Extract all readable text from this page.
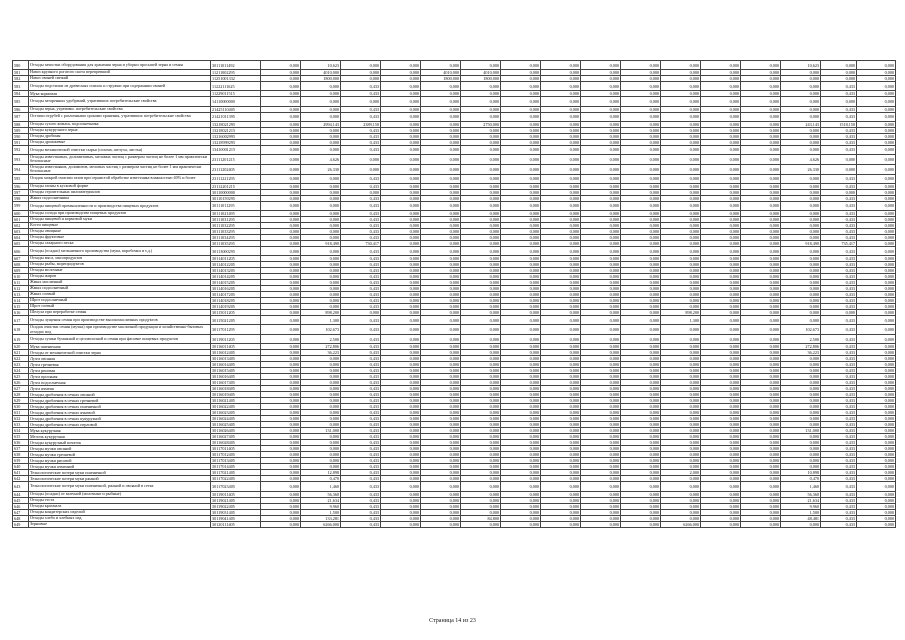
580	Отходы зачистки оборудования для хранения зерна и уборки просыпей зерна и семян	30111011492	0,000	10,623	0,000	0,000	0,000	0,000	0,000	0,000	0,000	0,000	0,000	0,000	0,000	10,623	0,000	0,000
581	Навоз крупного рогатого скота перепревший	11211002295	0,000	4010,000	0,000	0,000	4010,000	4010,000	0,000	0,000	0,000	0,000	0,000	0,000	0,000	0,000	0,000	0,000
582	Навоз свиней свежий	11251001332	0,000	1800,000	0,000	0,000	1800,000	1800,000	0,000	0,000	0,000	0,000	0,000	0,000	0,000	0,000	0,000	0,000
583	Отходы подстилки из древесных опилок и стружки при содержании свиней	11222111625	0,000	0,000	0,433	0,000	0,000	0,000	0,000	0,000	0,000	0,000	0,000	0,000	0,000	0,000	0,433	0,000
584	Мука кормовая	11229011515	0,000	0,000	0,433	0,000	0,000	0,000	0,000	0,000	0,000	0,000	0,000	0,000	0,000	0,000	0,433	0,000
585	Отходы затаренных удобрений, утративших потребительские свойства	14110000000	0,000	0,000	0,000	0,000	0,000	0,000	0,000	0,000	0,000	0,000	0,000	0,000	0,000	0,000	0,000	0,000
586	Отходы зерна, утративш. потребительские свойства	21425110405	0,000	0,000	0,433	0,000	0,000	0,000	0,000	0,000	0,000	0,000	0,000	0,000	0,000	0,000	0,433	0,000
587	Остатки отрубей с различными сроками хранения, утративших потребительские свойства	21421011395	0,000	0,000	0,433	0,000	0,000	0,000	0,000	0,000	0,000	0,000	0,000	0,000	0,000	0,000	0,433	0,000
588	Отходы сухого жмыха, подсолнечника	13218021295	0,000	2994,143	2389,150	0,000	0,000	2750,000	0,000	0,000	0,000	0,000	0,000	0,000	0,000	243,143	1518,150	0,000
589	Отходы кукурузного зерна	13218021215	0,000	0,000	0,433	0,000	0,000	0,000	0,000	0,000	0,000	0,000	0,000	0,000	0,000	0,000	0,433	0,000
590	Отходы дробины	13216002995	0,000	0,000	0,433	0,000	0,000	0,000	0,000	0,000	0,000	0,000	0,000	0,000	0,000	0,000	0,433	0,000
591	Отходы дрожжевые	13218999295	0,000	0,000	0,433	0,000	0,000	0,000	0,000	0,000	0,000	0,000	0,000	0,000	0,000	0,000	0,433	0,000
592	Отходы механической очистки сырья (солома, шелуха, листья)	13410001215	0,000	0,000	0,433	0,000	0,000	0,000	0,000	0,000	0,000	0,000	0,000	0,000	0,000	0,000	0,433	0,000
593	Отходы известковых, доломитовых, меловых частиц с размером частиц не более 1 мм практически безопасные	23111201215	0,000	4,626	0,000	0,000	0,000	0,000	0,000	0,000	0,000	0,000	0,000	0,000	0,000	4,626	0,000	0,000
594	Отходы известняков, доломитов, меловых частиц с размером частиц не более 1 мм практически безопасные	23111202405	0,000	26,330	0,000	0,000	0,000	0,000	0,000	0,000	0,000	0,000	0,000	0,000	0,000	26,330	0,000	0,000
595	Осадок мокрой очистки газов при сернистой обработке известняка влажностью 40% и более	23111221295	0,000	0,000	0,433	0,000	0,000	0,000	0,000	0,000	0,000	0,000	0,000	0,000	0,000	0,000	0,433	0,000
596	Отходы глины в кусковой форме	23112201215	0,000	0,000	0,433	0,000	0,000	0,000	0,000	0,000	0,000	0,000	0,000	0,000	0,000	0,000	0,433	0,000
597	Отходы строительных пиломатериалов	30110000000	0,000	0,000	0,000	0,000	0,000	0,000	0,000	0,000	0,000	0,000	0,000	0,000	0,000	0,000	0,000	0,000
598	Жмых подсолнечника	30110159295	0,000	0,000	0,433	0,000	0,000	0,000	0,000	0,000	0,000	0,000	0,000	0,000	0,000	0,000	0,433	0,000
599	Отходы пищевой промышленности и производства пищевых продуктов	30111011295	0,000	0,000	0,433	0,000	0,000	0,000	0,000	0,000	0,000	0,000	0,000	0,000	0,000	0,000	0,433	0,000
600	Отходы солода при производстве пищевых продуктов	30111021495	0,000	0,000	0,433	0,000	0,000	0,000	0,000	0,000	0,000	0,000	0,000	0,000	0,000	0,000	0,433	0,000
601	Отходы пищевой и кормовой муки	30111031295	0,000	0,000	0,433	0,000	0,000	0,000	0,000	0,000	0,000	0,000	0,000	0,000	0,000	0,000	0,433	0,000
602	Кости пищевые	30111032295	0,000	0,000	0,433	0,000	0,000	0,000	0,000	0,000	0,000	0,000	0,000	0,000	0,000	0,000	0,433	0,000
603	Отходы овощные	30111033295	0,000	0,000	0,433	0,000	0,000	0,000	0,000	0,000	0,000	0,000	0,000	0,000	0,000	0,000	0,433	0,000
604	Отходы фруктовые	30111034295	0,000	0,000	0,433	0,000	0,000	0,000	0,000	0,000	0,000	0,000	0,000	0,000	0,000	0,000	0,433	0,000
605	Отходы сахарного песка	30111035295	0,000	918,490	730,417	0,000	0,000	0,000	0,000	0,000	0,000	0,000	0,000	0,000	0,000	918,490	735,417	0,000
606	Отходы (осадки) мельничного производства (мука, коробочки и т.д.)	30113000295	0,000	0,000	0,433	0,000	0,000	0,000	0,000	0,000	0,000	0,000	0,000	0,000	0,000	0,000	0,433	0,000
607	Отходы мяса, мясопродуктов	30114011205	0,000	0,000	0,433	0,000	0,000	0,000	0,000	0,000	0,000	0,000	0,000	0,000	0,000	0,000	0,433	0,000
608	Отходы рыбы, морепродуктов	30114012205	0,000	0,000	0,433	0,000	0,000	0,000	0,000	0,000	0,000	0,000	0,000	0,000	0,000	0,000	0,433	0,000
609	Отходы молочные	30114013205	0,000	0,000	0,433	0,000	0,000	0,000	0,000	0,000	0,000	0,000	0,000	0,000	0,000	0,000	0,433	0,000
610	Отходы жиров	30114014205	0,000	0,000	0,433	0,000	0,000	0,000	0,000	0,000	0,000	0,000	0,000	0,000	0,000	0,000	0,433	0,000
611	Жмых масличный	30114015205	0,000	0,000	0,433	0,000	0,000	0,000	0,000	0,000	0,000	0,000	0,000	0,000	0,000	0,000	0,433	0,000
612	Жмых подсолнечный	30114016205	0,000	0,000	0,433	0,000	0,000	0,000	0,000	0,000	0,000	0,000	0,000	0,000	0,000	0,000	0,433	0,000
613	Жмых соевый	30114017205	0,000	0,000	0,433	0,000	0,000	0,000	0,000	0,000	0,000	0,000	0,000	0,000	0,000	0,000	0,433	0,000
614	Шрот подсолнечный	30114018205	0,000	0,000	0,433	0,000	0,000	0,000	0,000	0,000	0,000	0,000	0,000	0,000	0,000	0,000	0,433	0,000
615	Шрот соевый	30114019205	0,000	0,000	0,433	0,000	0,000	0,000	0,000	0,000	0,000	0,000	0,000	0,000	0,000	0,000	0,433	0,000
616	Шелуха при переработке семян	30115011205	0,000	898,200	0,000	0,000	0,000	0,000	0,000	0,000	0,000	0,000	898,200	0,000	0,000	0,000	0,000	0,000
617	Отходы лущения семян при производстве высокомасличных продуктов	30115021205	0,000	1,300	0,433	0,000	0,000	0,000	0,000	0,000	0,000	0,000	1,300	0,000	0,000	0,000	0,433	0,000
618	Осадок очистки семян (мучка) при производстве масличной продукции и хозяйственно-бытовых отходах под	30117011295	0,000	102,673	0,433	0,000	0,000	0,000	0,000	0,000	0,000	0,000	0,000	0,000	0,000	102,673	0,433	0,000
619	Отходы сушки бумажной и целлюлозной и семян при фасовке пищевых продуктов	30119011205	0,000	2,500	0,433	0,000	0,000	0,000	0,000	0,000	0,000	0,000	0,000	0,000	0,000	2,500	0,433	0,000
620	Мука пшеничная	30116011405	0,000	272,806	0,433	0,000	0,000	0,000	0,000	0,000	0,000	0,000	0,000	0,000	0,000	272,806	0,433	0,000
621	Отходы от механической очистки зерна	30116012405	0,000	36,223	0,433	0,000	0,000	0,000	0,000	0,000	0,000	0,000	0,000	0,000	0,000	36,223	0,433	0,000
622	Лузга овсяная	30116013405	0,000	0,000	0,433	0,000	0,000	0,000	0,000	0,000	0,000	0,000	0,000	0,000	0,000	0,000	0,433	0,000
623	Лузга гречневая	30116014405	0,000	0,000	0,433	0,000	0,000	0,000	0,000	0,000	0,000	0,000	0,000	0,000	0,000	0,000	0,433	0,000
624	Лузга рисовая	30116015405	0,000	0,000	0,433	0,000	0,000	0,000	0,000	0,000	0,000	0,000	0,000	0,000	0,000	0,000	0,433	0,000
625	Лузга просяная	30116016405	0,000	0,000	0,433	0,000	0,000	0,000	0,000	0,000	0,000	0,000	0,000	0,000	0,000	0,000	0,433	0,000
626	Лузга подсолнечная	30116017405	0,000	0,000	0,433	0,000	0,000	0,000	0,000	0,000	0,000	0,000	0,000	0,000	0,000	0,000	0,433	0,000
627	Лузга ячменя	30116018405	0,000	0,000	0,433	0,000	0,000	0,000	0,000	0,000	0,000	0,000	0,000	0,000	0,000	0,000	0,433	0,000
628	Отходы дробления в сечках овсяной	30116019405	0,000	0,000	0,433	0,000	0,000	0,000	0,000	0,000	0,000	0,000	0,000	0,000	0,000	0,000	0,433	0,000
629	Отходы дробления в сечках гречневой	30116021405	0,000	0,000	0,433	0,000	0,000	0,000	0,000	0,000	0,000	0,000	0,000	0,000	0,000	0,000	0,433	0,000
630	Отходы дробления в сечках пшеничной	30116022405	0,000	0,000	0,433	0,000	0,000	0,000	0,000	0,000	0,000	0,000	0,000	0,000	0,000	0,000	0,433	0,000
631	Отходы дробления в сечках ячневой	30116023405	0,000	0,000	0,433	0,000	0,000	0,000	0,000	0,000	0,000	0,000	0,000	0,000	0,000	0,000	0,433	0,000
632	Отходы дробления в сечках кукурузной	30116024405	0,000	0,000	0,433	0,000	0,000	0,000	0,000	0,000	0,000	0,000	0,000	0,000	0,000	0,000	0,433	0,000
633	Отходы дробления в сечках перловой	30116025405	0,000	0,000	0,433	0,000	0,000	0,000	0,000	0,000	0,000	0,000	0,000	0,000	0,000	0,000	0,433	0,000
634	Мука кукурузная	30116026405	0,000	131,000	0,433	0,000	0,000	0,000	0,000	0,000	0,000	0,000	0,000	0,000	0,000	131,000	0,433	0,000
635	Мелочь кукурузная	30116027405	0,000	0,000	0,433	0,000	0,000	0,000	0,000	0,000	0,000	0,000	0,000	0,000	0,000	0,000	0,433	0,000
636	Отходы кукурузный початок	30116028405	0,000	0,000	0,433	0,000	0,000	0,000	0,000	0,000	0,000	0,000	0,000	0,000	0,000	0,000	0,433	0,000
637	Отходы мучки овсяной	30117011405	0,000	0,000	0,433	0,000	0,000	0,000	0,000	0,000	0,000	0,000	0,000	0,000	0,000	0,000	0,433	0,000
638	Отходы мучки гречневой	30117012405	0,000	0,000	0,433	0,000	0,000	0,000	0,000	0,000	0,000	0,000	0,000	0,000	0,000	0,000	0,433	0,000
639	Отходы мучки рисовой	30117013405	0,000	0,000	0,433	0,000	0,000	0,000	0,000	0,000	0,000	0,000	0,000	0,000	0,000	0,000	0,433	0,000
640	Отходы мучки ячменной	30117014405	0,000	0,000	0,433	0,000	0,000	0,000	0,000	0,000	0,000	0,000	0,000	0,000	0,000	0,000	0,433	0,000
641	Технологические потери муки пшеничной	30117021405	0,000	12,898	0,433	0,000	0,000	0,000	0,000	0,000	0,000	0,000	2,000	0,000	0,000	10,898	0,433	0,000
642	Технологические потери муки ржаной	30117022405	0,000	0,470	0,433	0,000	0,000	0,000	0,000	0,000	0,000	0,000	0,000	0,000	0,000	0,470	0,433	0,000
643	Технологические потери муки пшеничной, ржаной и овсяной в сетях	30117023405	0,000	1,460	0,433	0,000	0,000	0,000	0,000	0,000	0,000	0,000	0,000	0,000	0,000	1,460	0,433	0,000
644	Отходы (осадки) от моечной (молочные и рыбные)	30119011405	0,000	56,360	0,433	0,000	0,000	0,000	0,000	0,000	0,000	0,000	0,000	0,000	0,000	56,360	0,433	0,000
645	Отходы теста	30119021405	0,000	21,634	0,433	0,000	0,000	0,000	0,000	0,000	0,000	0,000	0,000	0,000	0,000	21,634	0,433	0,000
646	Отходы крахмала	30119022405	0,000	9,960	0,433	0,000	0,000	0,000	0,000	0,000	0,000	0,000	0,000	0,000	0,000	9,960	0,433	0,000
647	Отходы кондитерских изделий	30119031405	0,000	1,500	0,433	0,000	0,000	0,000	0,000	0,000	0,000	0,000	0,000	0,000	0,000	1,500	0,433	0,000
648	Отходы хлеба и хлебных изд.	30119041405	0,000	133,281	0,433	0,000	0,000	84,800	0,000	0,000	0,000	0,000	0,000	0,000	0,000	48,481	0,433	0,000
649	Зерновые	30120111405	0,000	6266,000	0,433	0,000	0,000	0,000	0,000	0,000	0,000	0,000	6266,000	0,000	0,000	0,000	0,433	0,000
Страница 14 из 23
